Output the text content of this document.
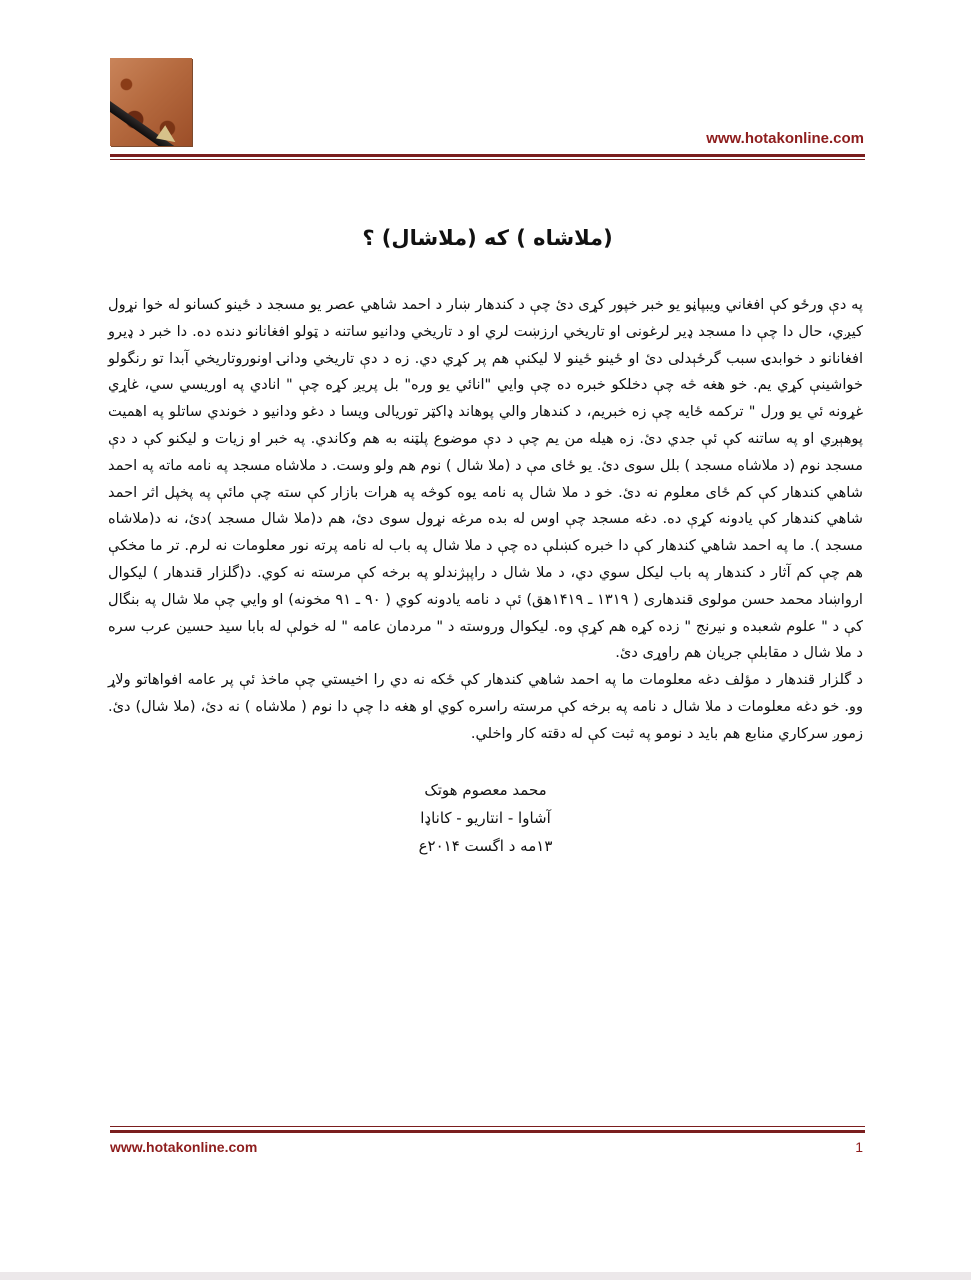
www.hotakonline.com
(ملاشاه ) که (ملاشال) ؟

په دې ورځو کې افغاني ويبپاڼو يو خبر خپور کړی دئ چې د کندهار ښار د احمد شاهي عصر يو مسجد د ځينو کسانو له خوا نړول کيږي، حال دا چې دا مسجد ډير لرغونی او تاريخي ارزښت لري او د تاريخي ودانيو ساتنه د ټولو افغانانو دنده ده. دا خبر د ډيرو افغانانو د خوابدۍ سبب گرځېدلی دئ او ځينو ځينو لا ليکنې هم پر کړي دي. زه د دې تاريخي ودانۍ اونوروتاريخي آبدا تو رنگولو خواشينې کړي يم. خو هغه څه چې دخلکو خبره ده چې وايي "انائي يو وره" بل پريږ کړه چې " انادي په اوريسي سي، غاړي غړونه ئي يو ورل " ترکمه ځايه چې زه خبريم، د کندهار والي پوهاند ډاکټر توريالی ويسا د دغو ودانيو د خوندي ساتلو په اهميت پوهېږي او په ساتنه کې ئې جدي دئ. زه هيله من يم چې د دې موضوع پلټنه به هم وکاندي. په خبر او زيات و ليکنو کې د دې مسجد نوم (د ملاشاه مسجد ) بلل سوی دئ. يو ځای مې د (ملا شال ) نوم هم ولو وست. د ملاشاه مسجد په نامه ماته په احمد شاهي کندهار کې کم ځای معلوم نه دئ. خو د ملا شال په نامه يوه کوڅه په هرات بازار کې سته چې مائې په پخپل اثر احمد شاهي کندهار کې يادونه کړې ده. دغه مسجد چې اوس له بده مرغه نړول سوی دئ، هم د(ملا شال مسجد )دئ، نه د(ملاشاه مسجد ). ما په احمد شاهي کندهار کې دا خبره کښلې ده چې د ملا شال په باب له نامه پرته نور معلومات نه لرم. تر ما مخکې هم چې کم آثار د کندهار په باب ليکل سوي دي، د ملا شال د راپېژندلو په برخه کې مرسته نه کوي. د(گلزار قندهار ) ليکوال ارواښاد محمد حسن مولوی قندهاری ( ۱۳۱۹ ـ ۱۴۱۹هق) ئې د نامه يادونه کوي ( ۹۰ ـ ۹۱ مخونه) او وايي چې ملا شال په بنگال کې د " علوم شعبده و نيرنج " زده کړه هم کړې وه. ليکوال وروسته د " مردمان عامه " له خولې له بابا سيد حسين عرب سره د ملا شال د مقابلې جريان هم راوړی دئ.

د گلزار قندهار د مؤلف دغه معلومات ما په احمد شاهي کندهار کې ځکه نه دي را اخيستي چې ماخذ ئې پر عامه افواهاتو ولاړ وو. خو دغه معلومات د ملا شال د نامه په برخه کې مرسته راسره کوي او هغه دا چې دا نوم ( ملاشاه ) نه دئ، (ملا شال) دئ. زموږ سرکاري منابع هم بايد د نومو په ثبت کې له دقته کار واخلي.

محمد معصوم هوتک
آشاوا - انتاريو - کاناډا
۱۳مه د اگست ۲۰۱۴ع
www.hotakonline.com	1
